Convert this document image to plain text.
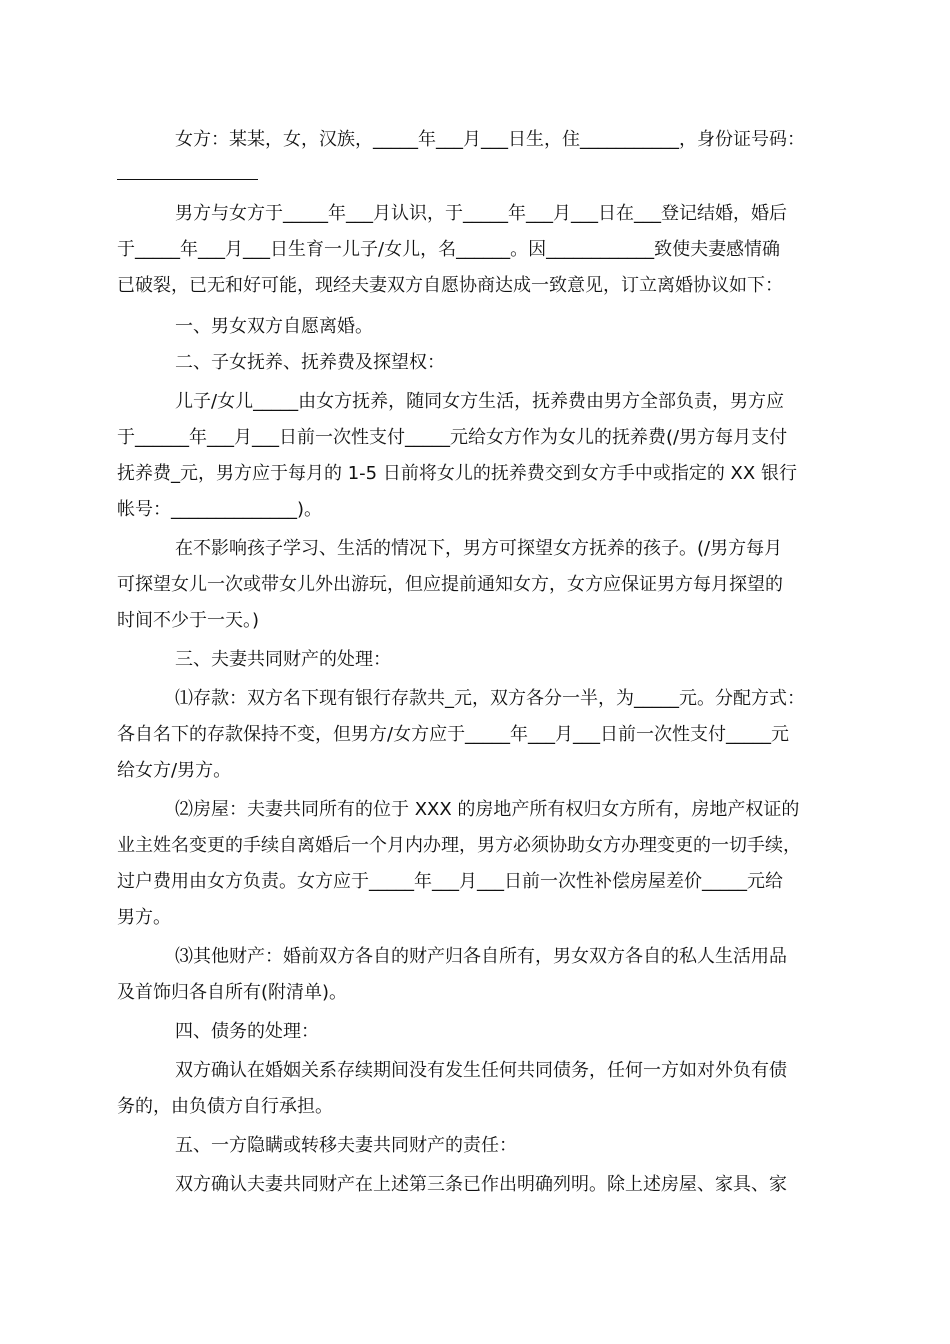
女方：某某，女，汉族，_____年___月___日生，住___________，身份证号码：
男方与女方于_____年___月认识，于_____年___月___日在___登记结婚，婚后
于_____年___月___日生育一儿子/女儿，名______。因____________致使夫妻感情确
已破裂，已无和好可能，现经夫妻双方自愿协商达成一致意见，订立离婚协议如下：
一、男女双方自愿离婚。
二、子女抚养、抚养费及探望权：
儿子/女儿_____由女方抚养，随同女方生活，抚养费由男方全部负责，男方应
于______年___月___日前一次性支付_____元给女方作为女儿的抚养费(/男方每月支付
抚养费_元，男方应于每月的 1-5 日前将女儿的抚养费交到女方手中或指定的 XX 银行
帐号：______________)。
在不影响孩子学习、生活的情况下，男方可探望女方抚养的孩子。(/男方每月
可探望女儿一次或带女儿外出游玩，但应提前通知女方，女方应保证男方每月探望的
时间不少于一天。)
三、夫妻共同财产的处理：
⑴存款：双方名下现有银行存款共_元，双方各分一半，为_____元。分配方式：
各自名下的存款保持不变，但男方/女方应于_____年___月___日前一次性支付_____元
给女方/男方。
⑵房屋：夫妻共同所有的位于 XXX 的房地产所有权归女方所有，房地产权证的
业主姓名变更的手续自离婚后一个月内办理，男方必须协助女方办理变更的一切手续，
过户费用由女方负责。女方应于_____年___月___日前一次性补偿房屋差价_____元给
男方。
⑶其他财产：婚前双方各自的财产归各自所有，男女双方各自的私人生活用品
及首饰归各自所有(附清单)。
四、债务的处理：
双方确认在婚姻关系存续期间没有发生任何共同债务，任何一方如对外负有债
务的，由负债方自行承担。
五、一方隐瞒或转移夫妻共同财产的责任：
双方确认夫妻共同财产在上述第三条已作出明确列明。除上述房屋、家具、家
